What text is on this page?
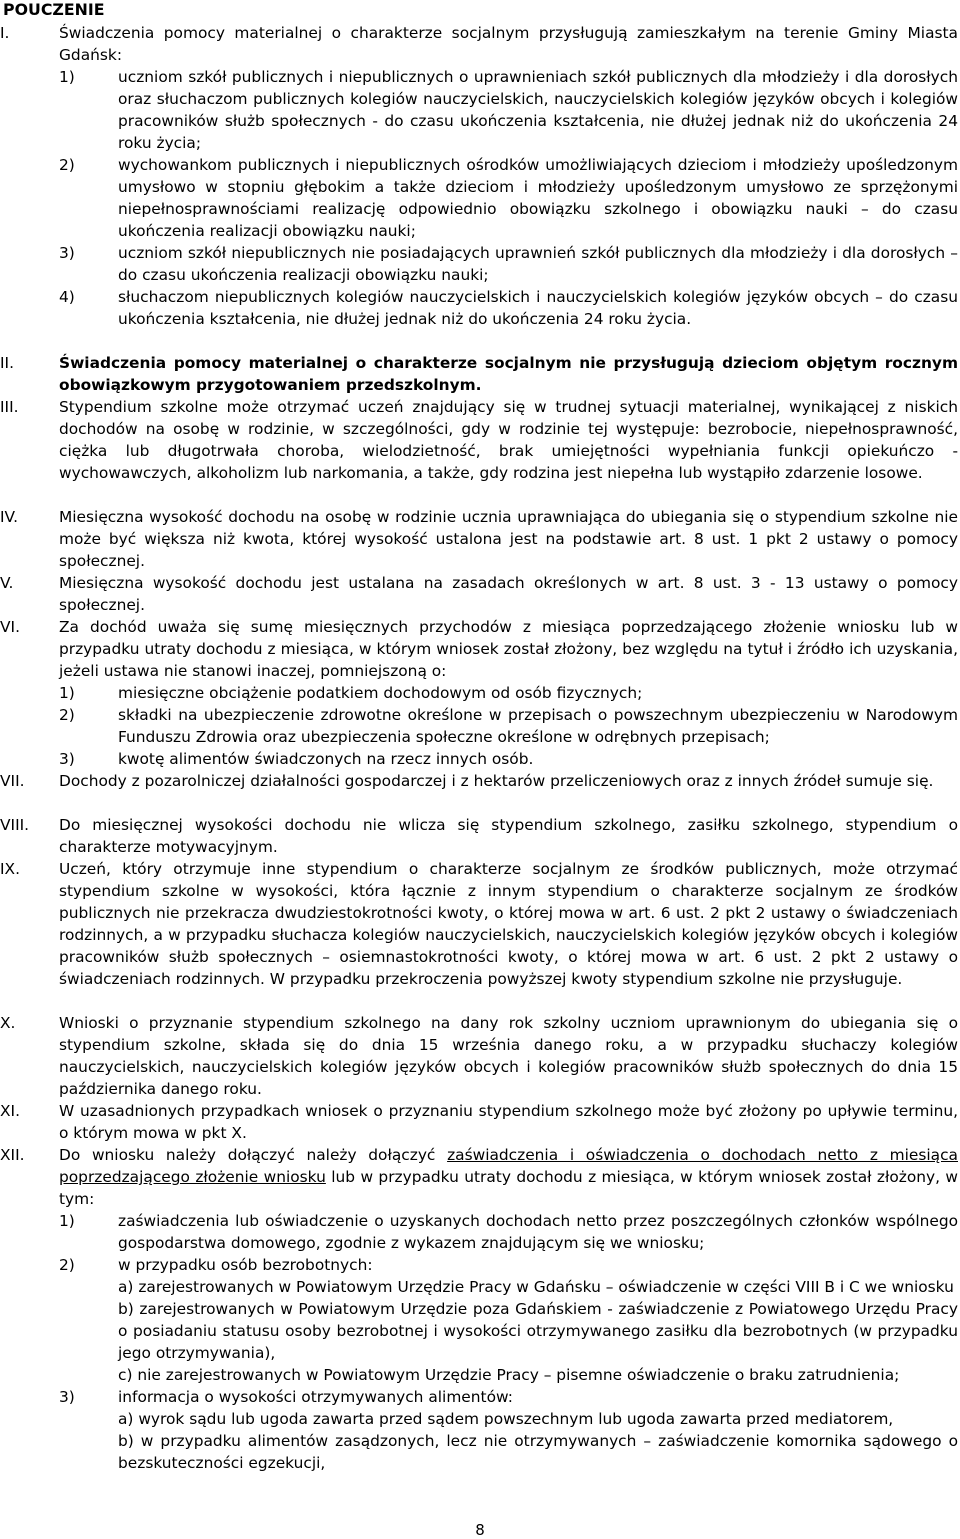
POUCZENIE
I.	Świadczenia pomocy materialnej o charakterze socjalnym przysługują zamieszkałym na terenie Gminy Miasta Gdańsk:
1)	uczniom szkół publicznych i niepublicznych o uprawnieniach szkół publicznych dla młodzieży i dla dorosłych oraz słuchaczom publicznych kolegiów nauczycielskich, nauczycielskich kolegiów języków obcych i kolegiów pracowników służb społecznych - do czasu ukończenia kształcenia, nie dłużej jednak niż do ukończenia 24 roku życia;
2)	wychowankom publicznych i niepublicznych ośrodków umożliwiających dzieciom i młodzieży upośledzonym umysłowo w stopniu głębokim a także dzieciom i młodzieży upośledzonym umysłowo ze sprzężonymi niepełnosprawnościami realizację odpowiednio obowiązku szkolnego i obowiązku nauki – do czasu ukończenia realizacji obowiązku nauki;
3)	uczniom szkół niepublicznych nie posiadających uprawnień szkół publicznych dla młodzieży i dla dorosłych – do czasu ukończenia realizacji obowiązku nauki;
4)	słuchaczom niepublicznych kolegiów nauczycielskich i nauczycielskich kolegiów języków obcych – do czasu ukończenia kształcenia, nie dłużej jednak niż do ukończenia 24 roku życia.
II.	Świadczenia pomocy materialnej o charakterze socjalnym nie przysługują dzieciom objętym rocznym obowiązkowym przygotowaniem przedszkolnym.
III.	Stypendium szkolne może otrzymać uczeń znajdujący się w trudnej sytuacji materialnej, wynikającej z niskich dochodów na osobę w rodzinie, w szczególności, gdy w rodzinie tej występuje: bezrobocie, niepełnosprawność, ciężka lub długotrwała choroba, wielodzietność, brak umiejętności wypełniania funkcji opiekuńczo - wychowawczych, alkoholizm lub narkomania, a także, gdy rodzina jest niepełna lub wystąpiło zdarzenie losowe.
IV.	Miesięczna wysokość dochodu na osobę w rodzinie ucznia uprawniająca do ubiegania się o stypendium szkolne nie może być większa niż kwota, której wysokość ustalona jest na podstawie art. 8 ust. 1 pkt 2 ustawy o pomocy społecznej.
V.	Miesięczna wysokość dochodu jest ustalana na zasadach określonych w art. 8 ust. 3 - 13 ustawy o pomocy społecznej.
VI.	Za dochód uważa się sumę miesięcznych przychodów z miesiąca poprzedzającego złożenie wniosku lub w przypadku utraty dochodu z miesiąca, w którym wniosek został złożony, bez względu na tytuł i źródło ich uzyskania, jeżeli ustawa nie stanowi inaczej, pomniejszoną o:
1)	miesięczne obciążenie podatkiem dochodowym od osób fizycznych;
2)	składki na ubezpieczenie zdrowotne określone w przepisach o powszechnym ubezpieczeniu w Narodowym Funduszu Zdrowia oraz ubezpieczenia społeczne określone w odrębnych przepisach;
3)	kwotę alimentów świadczonych na rzecz innych osób.
VII. Dochody z pozarolniczej działalności gospodarczej i z hektarów przeliczeniowych oraz z innych źródeł sumuje się.
VIII. Do miesięcznej wysokości dochodu nie wlicza się stypendium szkolnego, zasiłku szkolnego, stypendium o charakterze motywacyjnym.
IX.	Uczeń, który otrzymuje inne stypendium o charakterze socjalnym ze środków publicznych, może otrzymać stypendium szkolne w wysokości, która łącznie z innym stypendium o charakterze socjalnym ze środków publicznych nie przekracza dwudziestokrotności kwoty, o której mowa w art. 6 ust. 2 pkt 2 ustawy o świadczeniach rodzinnych, a w przypadku słuchacza kolegiów nauczycielskich, nauczycielskich kolegiów języków obcych i kolegiów pracowników służb społecznych – osiemnastokrotności kwoty, o której mowa w art. 6 ust. 2 pkt 2 ustawy o świadczeniach rodzinnych. W przypadku przekroczenia powyższej kwoty stypendium szkolne nie przysługuje.
X.	Wnioski o przyznanie stypendium szkolnego na dany rok szkolny uczniom uprawnionym do ubiegania się o stypendium szkolne, składa się do dnia 15 września danego roku, a w przypadku słuchaczy kolegiów nauczycielskich, nauczycielskich kolegiów języków obcych i kolegiów pracowników służb społecznych do dnia 15 października danego roku.
XI.	W uzasadnionych przypadkach wniosek o przyznaniu stypendium szkolnego może być złożony po upływie terminu, o którym mowa w pkt X.
XII. Do wniosku należy dołączyć należy dołączyć zaświadczenia i oświadczenia o dochodach netto z miesiąca poprzedzającego złożenie wniosku lub w przypadku utraty dochodu z miesiąca, w którym wniosek został złożony, w tym:
1)	zaświadczenia lub oświadczenie o uzyskanych dochodach netto przez poszczególnych członków wspólnego gospodarstwa domowego, zgodnie z wykazem znajdującym się we wniosku;
2)	w przypadku osób bezrobotnych:
a) zarejestrowanych w Powiatowym Urzędzie Pracy w Gdańsku – oświadczenie w części VIII B i C we wniosku
b) zarejestrowanych w Powiatowym Urzędzie poza Gdańskiem - zaświadczenie z Powiatowego Urzędu Pracy o posiadaniu statusu osoby bezrobotnej i wysokości otrzymywanego zasiłku dla bezrobotnych (w przypadku jego otrzymywania),
c) nie zarejestrowanych w Powiatowym Urzędzie Pracy – pisemne oświadczenie o braku zatrudnienia;
3)	informacja o wysokości otrzymywanych alimentów:
a) wyrok sądu lub ugoda zawarta przed sądem powszechnym lub ugoda zawarta przed mediatorem,
b) w przypadku alimentów zasądzonych, lecz nie otrzymywanych – zaświadczenie komornika sądowego o bezskuteczności egzekucji,
8
